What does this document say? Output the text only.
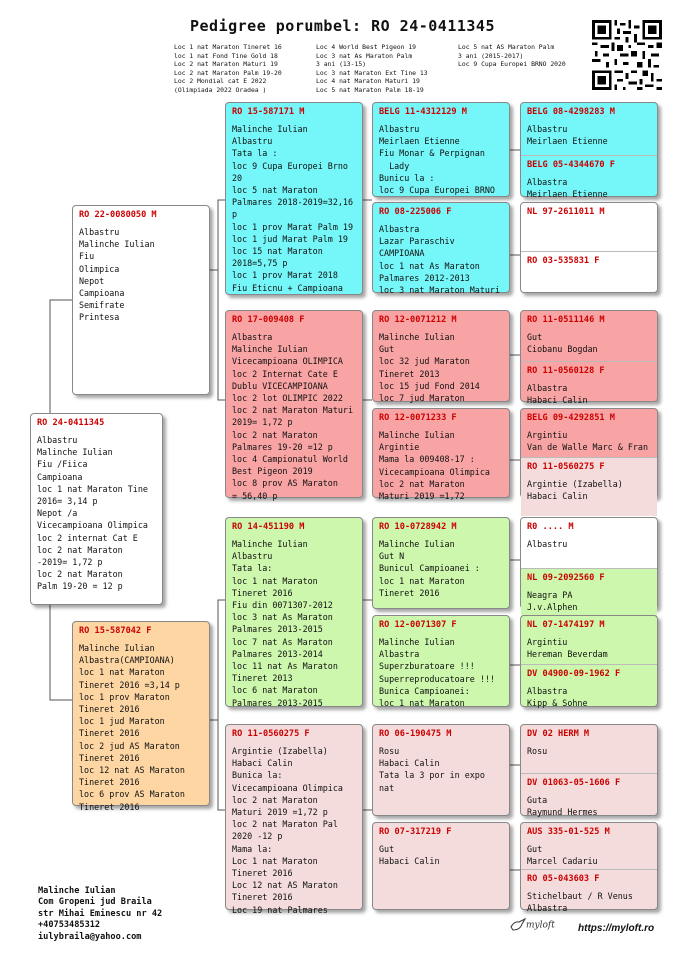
Pedigree porumbel: RO 24-0411345
Loc 1 nat Maraton Tineret 16
loc 1 nat Fond Tine Gold 18
Loc 2 nat Maraton Maturi 19
Loc 2 nat Maraton Palm 19-20
Loc 2 Mondial cat E 2022
(Olimpiada 2022 Oradea )
Loc 4 World Best Pigeon 19
Loc 3 nat As Maraton Palm
3 ani (13-15)
Loc 3 nat Maraton Ext Tine 13
Loc 4 nat Maraton Maturi 19
Loc 5 nat Maraton Palm 18-19
Loc 5 nat AS Maraton Palm
3 ani (2015-2017)
Loc 9 Cupa Europei BRNO 2020
RO 24-0411345
Albastru
Malinche Iulian
Fiu /Fiica
Campioana
loc 1 nat Maraton Tine
2016= 3,14 p
Nepot /a
Vicecampioana Olimpica
loc 2 internat Cat E
loc 2 nat Maraton
-2019= 1,72 p
loc 2 nat Maraton
Palm 19-20 = 12 p
RO 22-0080050 M
Albastru
Malinche Iulian
Fiu
Olimpica
Nepot
Campioana
Semifrate
Printesa
RO 15-587042 F
Malinche Iulian
Albastra(CAMPIOANA)
loc 1 nat Maraton
Tineret 2016 =3,14 p
loc 1 prov Maraton
Tineret 2016
loc 1 jud Maraton
Tineret 2016
loc 2 jud AS Maraton
Tineret 2016
loc 12 nat AS Maraton
Tineret 2016
loc 6 prov AS Maraton
Tineret 2016
RO 15-587171 M
Malinche Iulian
Albastru
Tata la :
loc 9 Cupa Europei Brno
20
loc 5 nat Maraton
Palmares 2018-2019=32,16
p
loc 1 prov Marat Palm 19
loc 1 jud Marat Palm 19
loc 15 nat Maraton
2018=5,75 p
loc 1 prov Marat 2018
Fiu Eticnu + Campioana
RO 17-009408 F
Albastra
Malinche Iulian
Vicecampioana OLIMPICA
loc 2 Internat Cate E
Dublu VICECAMPIOANA
loc 2 lot OLIMPIC 2022
loc 2 nat Maraton Maturi
2019= 1,72 p
loc 2 nat Maraton
Palmares 19-20 =12 p
loc 4 Campionatul World
Best Pigeon 2019
loc 8 prov AS Maraton
= 56,40 p
RO 14-451190 M
Malinche Iulian
Albastru
Tata la:
loc 1 nat Maraton
Tineret 2016
Fiu din 0071307-2012
loc 3 nat As Maraton
Palmares 2013-2015
loc 7 nat As Maraton
Palmares 2013-2014
loc 11 nat As Maraton
Tineret 2013
loc 6 nat Maraton
Palmares 2013-2015
RO 11-0560275 F
Argintie (Izabella)
Habaci Calin
Bunica la:
Vicecampioana Olimpica
loc 2 nat Maraton
Maturi 2019 =1,72 p
loc 2 nat Maraton Pal
2020 -12 p
Mama la:
Loc 1 nat Maraton
Tineret 2016
Loc 12 nat AS Maraton
Tineret 2016
Loc 19 nat Palmares
BELG 11-4312129 M
Albastru
Meirlaen Etienne
Fiu Monar & Perpignan
Lady
Bunicu la :
loc 9 Cupa Europei BRNO
RO 08-225006 F
Albastra
Lazar Paraschiv
CAMPIOANA
loc 1 nat As Maraton
Palmares 2012-2013
loc 3 nat Maraton Maturi
RO 12-0071212 M
Malinche Iulian
Gut
loc 32 jud Maraton
Tineret 2013
loc 15 jud Fond 2014
loc 7 jud Maraton
RO 12-0071233 F
Malinche Iulian
Argintie
Mama la 009408-17 :
Vicecampioana Olimpica
loc 2 nat Maraton
Maturi 2019 =1,72
RO 10-0728942 M
Malinche Iulian
Gut N
Bunicul Campioanei :
loc 1 nat Maraton
Tineret 2016
RO 12-0071307 F
Malinche Iulian
Albastra
Superzburatoare !!!
Superreproducatoare !!!
Bunica Campioanei:
loc 1 nat Maraton
RO 06-190475 M
Rosu
Habaci Calin
Tata la 3 por in expo
nat
RO 07-317219 F
Gut
Habaci Calin
BELG 08-4298283 M
Albastru
Meirlaen Etienne
BELG 05-4344670 F
Albastra
Meirlaen Etienne
NL 97-2611011 M
RO 03-535831 F
RO 11-0511146 M
Gut
Ciobanu Bogdan
RO 11-0560128 F
Albastra
Habaci Calin
BELG 09-4292851 M
Argintiu
Van de Walle Marc & Fran
RO 11-0560275 F
Argintie (Izabella)
Habaci Calin
R0 .... M
Albastru
NL 09-2092560 F
Neagra PA
J.v.Alphen
NL 07-1474197 M
Argintiu
Hereman Beverdam
DV 04900-09-1962 F
Albastra
Kipp & Sohne
DV 02 HERM M
Rosu
DV 01063-05-1606 F
Guta
Raymund Hermes
AUS 335-01-525 M
Gut
Marcel Cadariu
RO 05-043603 F
Stichelbaut / R Venus
Albastra
Malinche Iulian
Com Gropeni jud Braila
str Mihai Eminescu nr 42
+40753485312
iulybraila@yahoo.com
myloft https://myloft.ro
